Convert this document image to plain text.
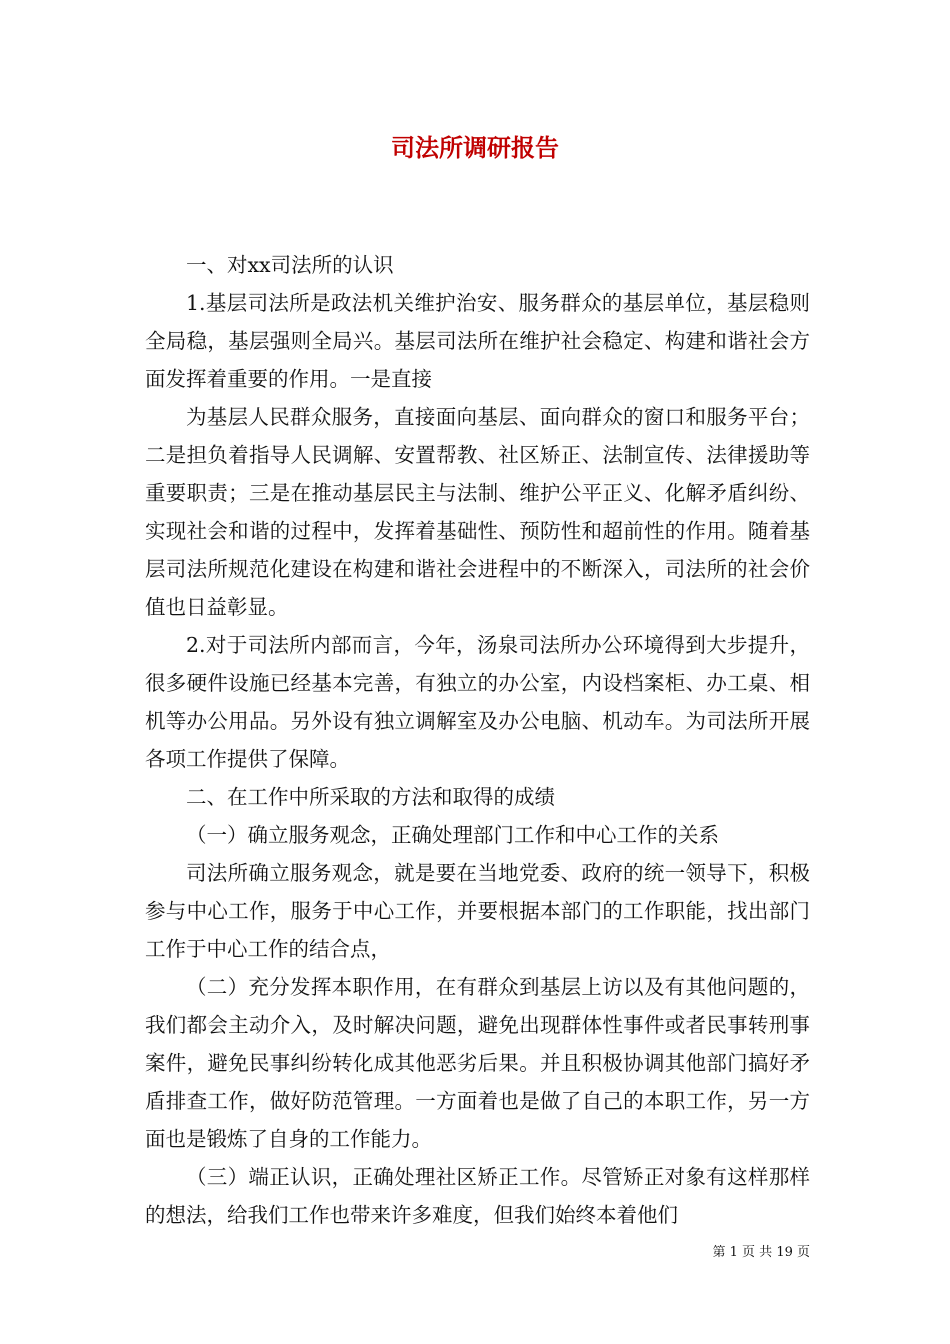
司法所调研报告

一、对xx司法所的认识

1.基层司法所是政法机关维护治安、服务群众的基层单位，基层稳则全局稳，基层强则全局兴。基层司法所在维护社会稳定、构建和谐社会方面发挥着重要的作用。一是直接

为基层人民群众服务，直接面向基层、面向群众的窗口和服务平台；二是担负着指导人民调解、安置帮教、社区矫正、法制宣传、法律援助等重要职责；三是在推动基层民主与法制、维护公平正义、化解矛盾纠纷、实现社会和谐的过程中，发挥着基础性、预防性和超前性的作用。随着基层司法所规范化建设在构建和谐社会进程中的不断深入，司法所的社会价值也日益彰显。

2.对于司法所内部而言，今年，汤泉司法所办公环境得到大步提升，很多硬件设施已经基本完善，有独立的办公室，内设档案柜、办工桌、相机等办公用品。另外设有独立调解室及办公电脑、机动车。为司法所开展各项工作提供了保障。

二、在工作中所采取的方法和取得的成绩

（一）确立服务观念，正确处理部门工作和中心工作的关系

司法所确立服务观念，就是要在当地党委、政府的统一领导下，积极参与中心工作，服务于中心工作，并要根据本部门的工作职能，找出部门工作于中心工作的结合点，

（二）充分发挥本职作用，在有群众到基层上访以及有其他问题的，我们都会主动介入，及时解决问题，避免出现群体性事件或者民事转刑事案件，避免民事纠纷转化成其他恶劣后果。并且积极协调其他部门搞好矛盾排查工作，做好防范管理。一方面着也是做了自己的本职工作，另一方面也是锻炼了自身的工作能力。

（三）端正认识，正确处理社区矫正工作。尽管矫正对象有这样那样的想法，给我们工作也带来许多难度，但我们始终本着他们

第 1 页 共 19 页
